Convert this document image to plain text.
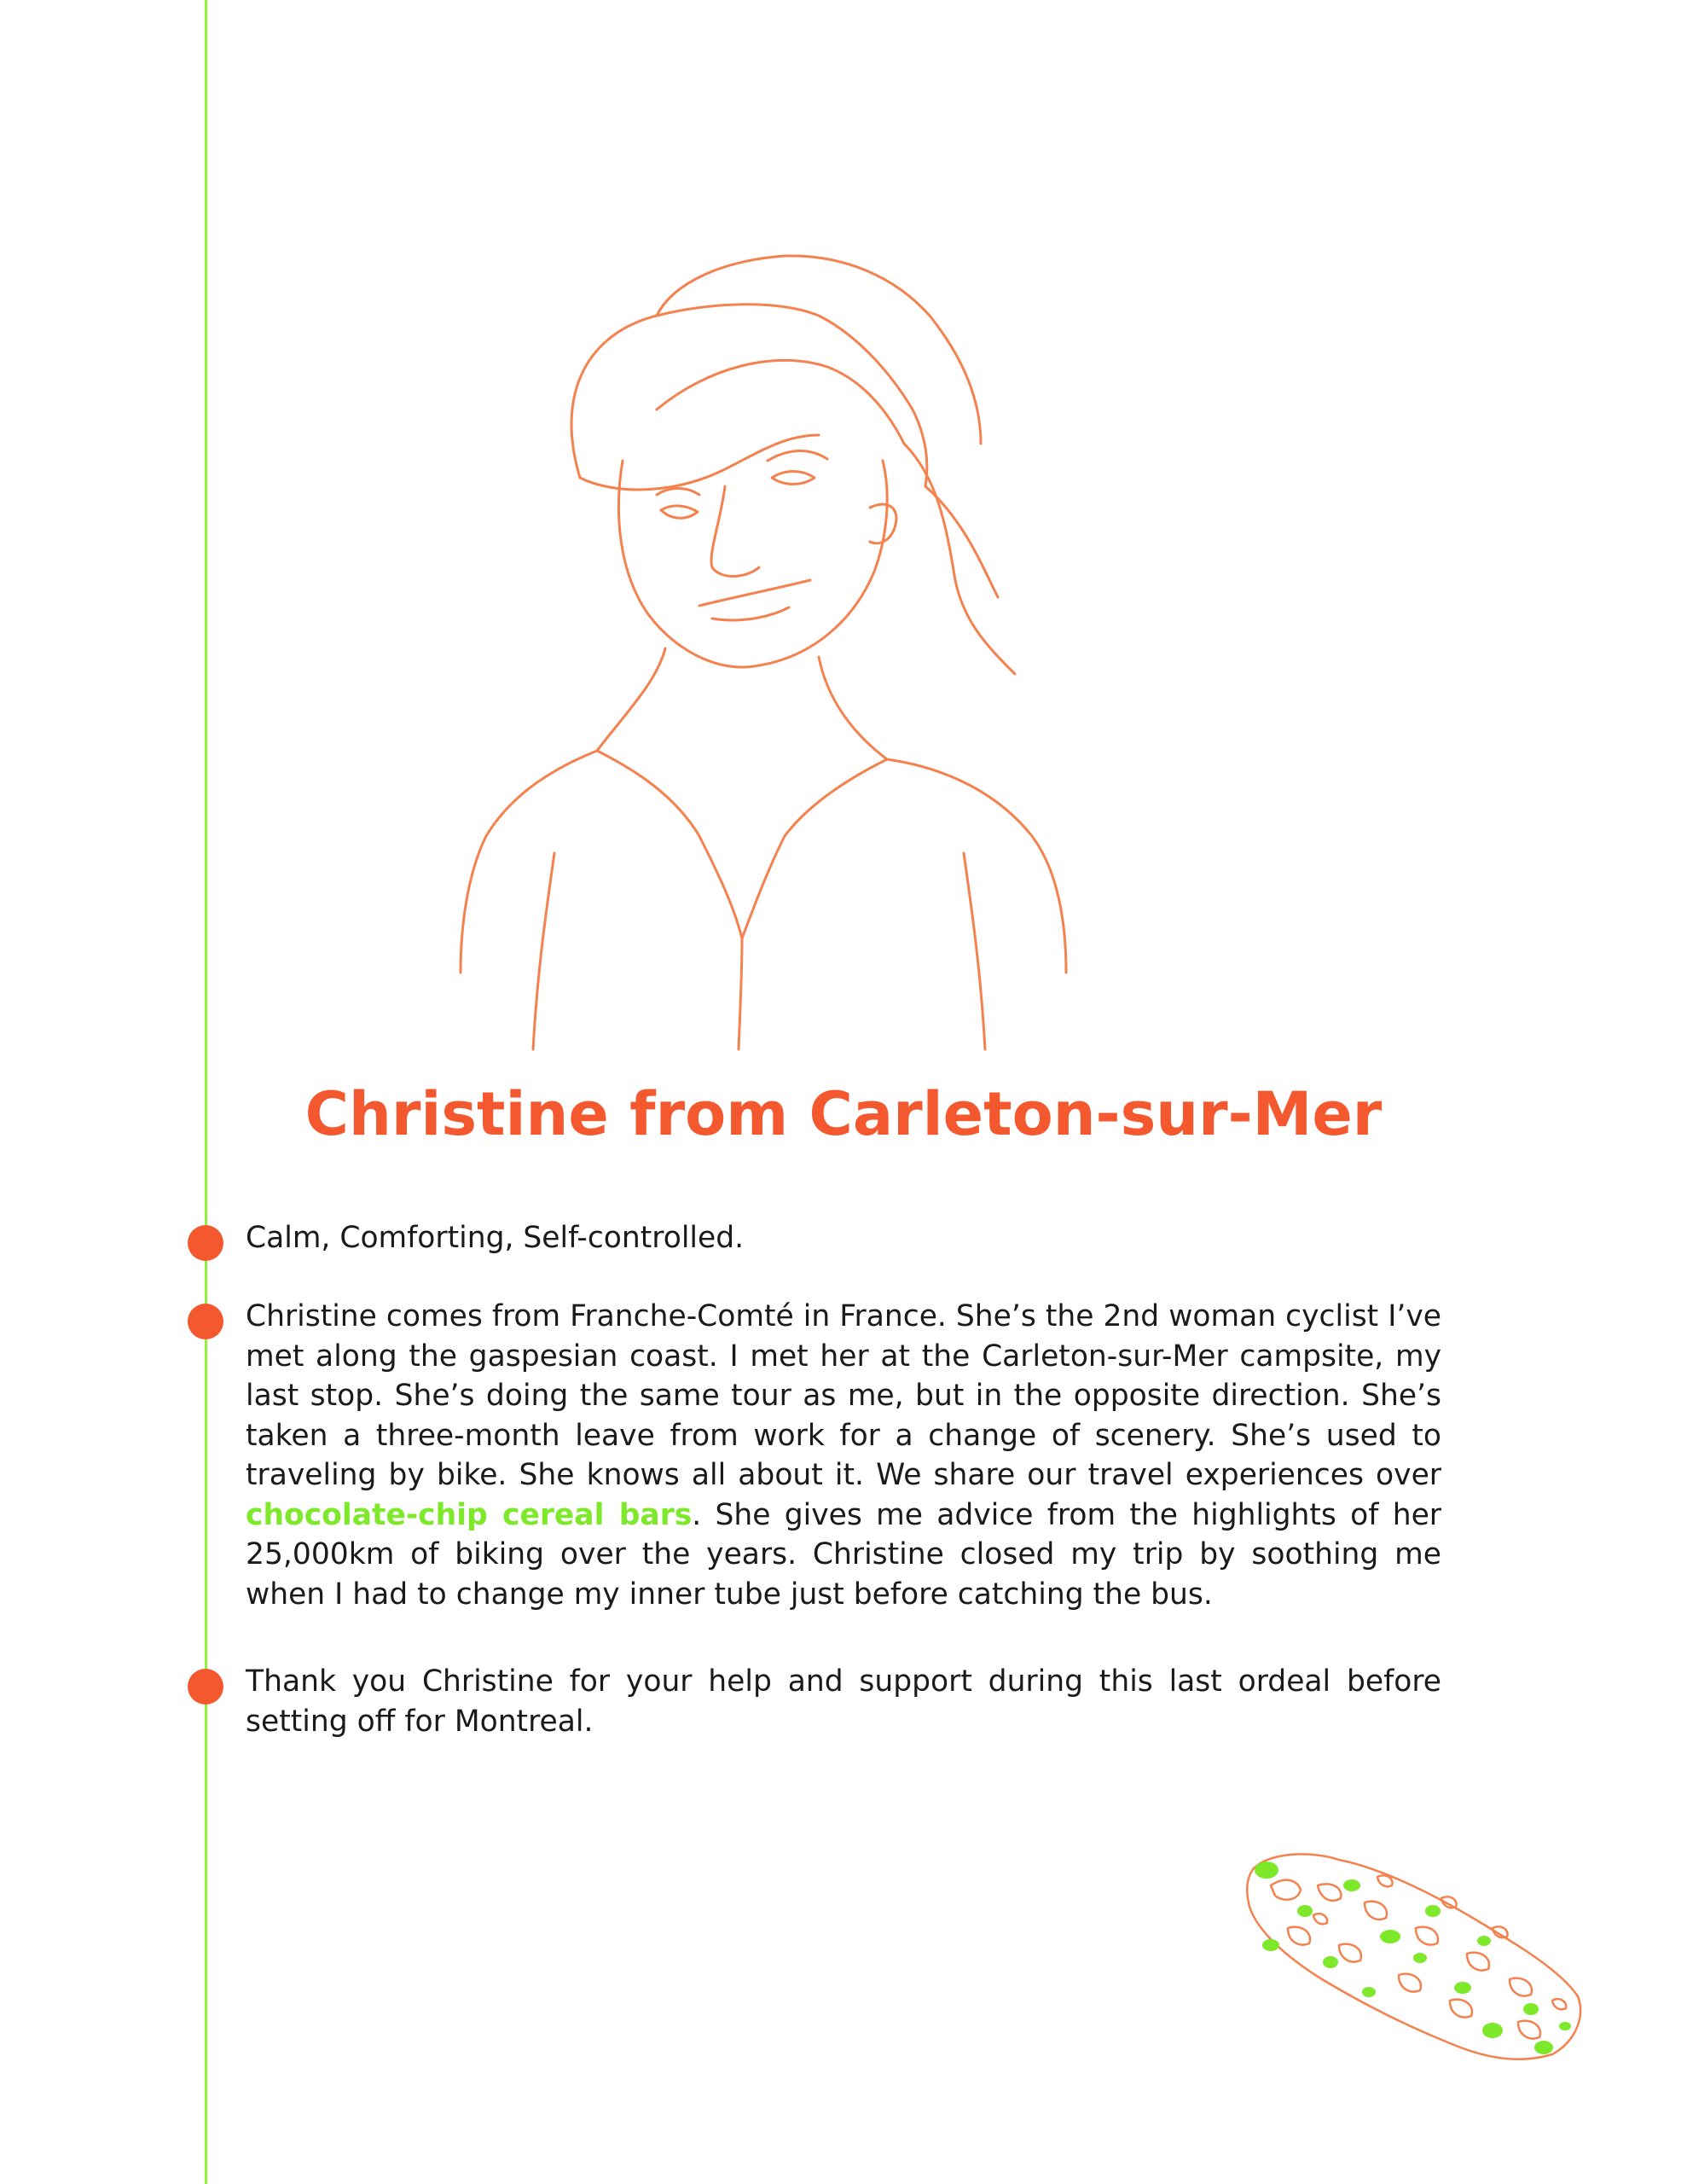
Christine from Carleton-sur-Mer

Calm, Comforting, Self-controlled.

Christine comes from Franche-Comté in France. She’s the 2nd woman cyclist I’ve met along the gaspesian coast. I met her at the Carleton-sur-Mer campsite, my last stop. She’s doing the same tour as me, but in the opposite direction. She’s taken a three-month leave from work for a change of scenery. She’s used to traveling by bike. She knows all about it. We share our travel experiences over chocolate-chip cereal bars. She gives me advice from the highlights of her 25,000km of biking over the years. Christine closed my trip by soothing me when I had to change my inner tube just before catching the bus.

Thank you Christine for your help and support during this last ordeal before setting off for Montreal.
